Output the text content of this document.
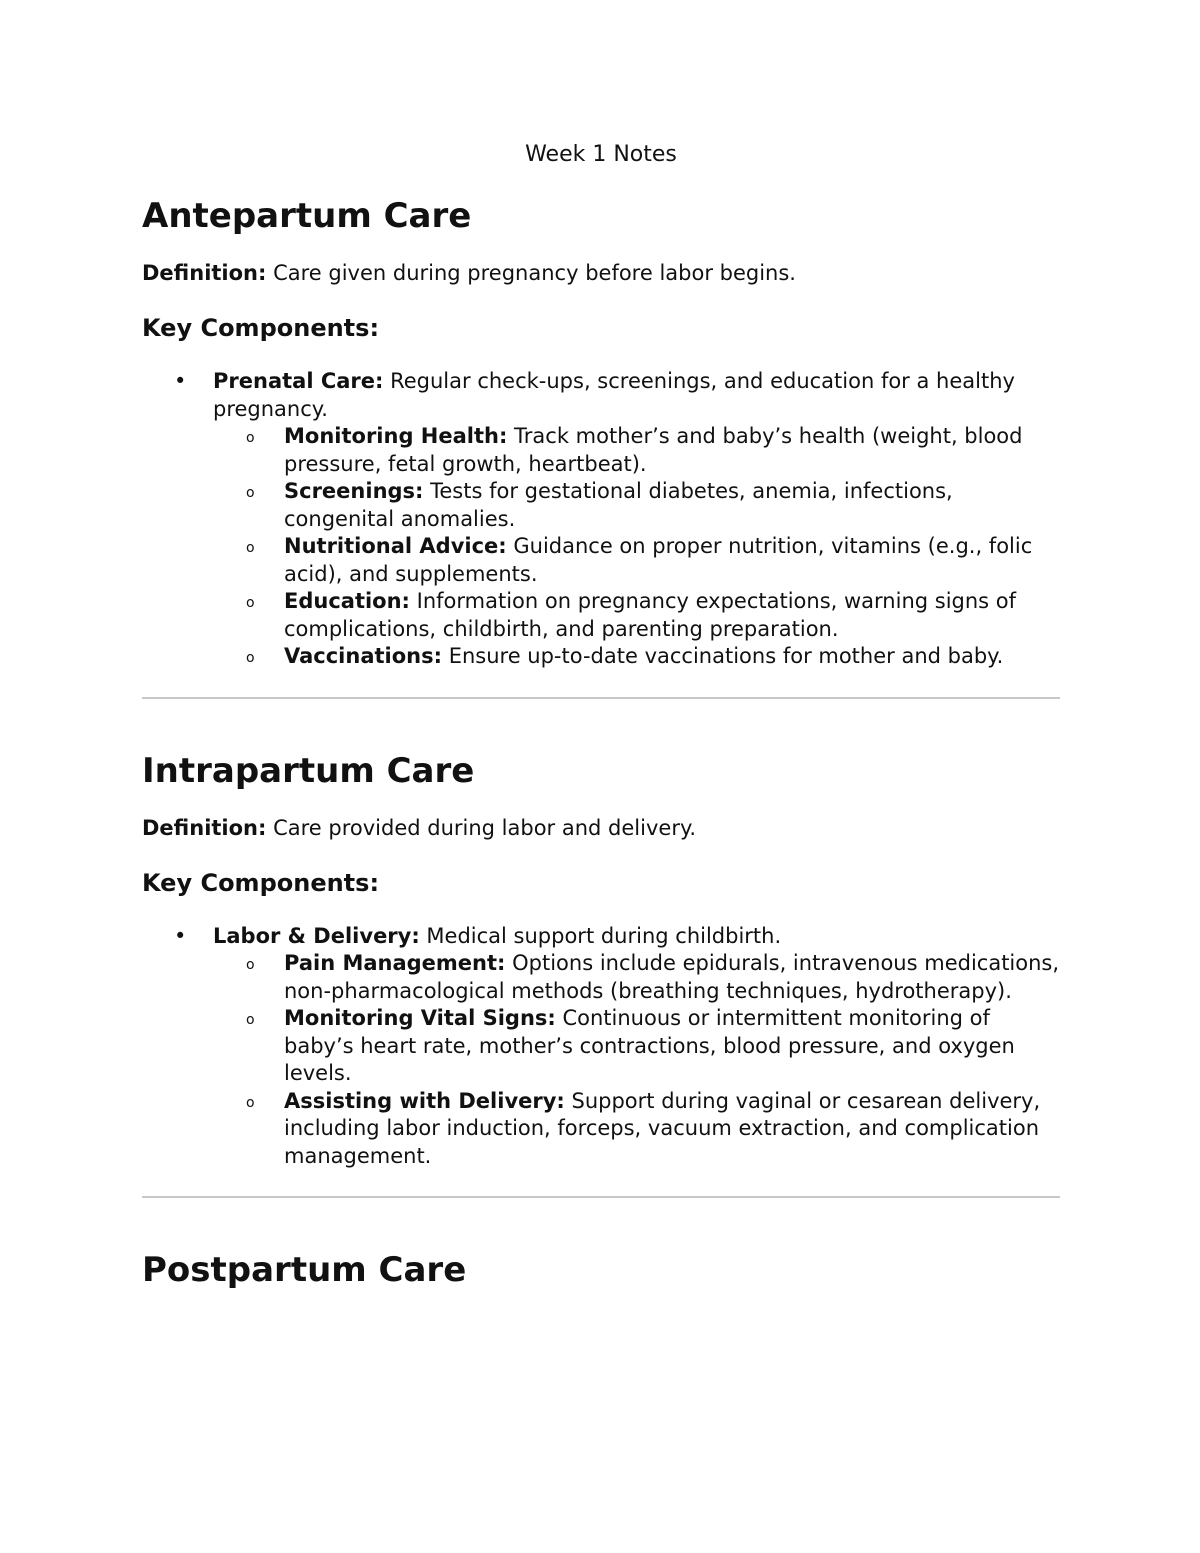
Week 1 Notes
Antepartum Care

Definition: Care given during pregnancy before labor begins.

Key Components:
• Prenatal Care: Regular check-ups, screenings, and education for a healthy pregnancy.
o Monitoring Health: Track mother’s and baby’s health (weight, blood pressure, fetal growth, heartbeat).
o Screenings: Tests for gestational diabetes, anemia, infections, congenital anomalies.
o Nutritional Advice: Guidance on proper nutrition, vitamins (e.g., folic acid), and supplements.
o Education: Information on pregnancy expectations, warning signs of complications, childbirth, and parenting preparation.
o Vaccinations: Ensure up-to-date vaccinations for mother and baby.
Intrapartum Care

Definition: Care provided during labor and delivery.

Key Components:
• Labor & Delivery: Medical support during childbirth.
o Pain Management: Options include epidurals, intravenous medications, non-pharmacological methods (breathing techniques, hydrotherapy).
o Monitoring Vital Signs: Continuous or intermittent monitoring of baby’s heart rate, mother’s contractions, blood pressure, and oxygen levels.
o Assisting with Delivery: Support during vaginal or cesarean delivery, including labor induction, forceps, vacuum extraction, and complication management.
Postpartum Care
